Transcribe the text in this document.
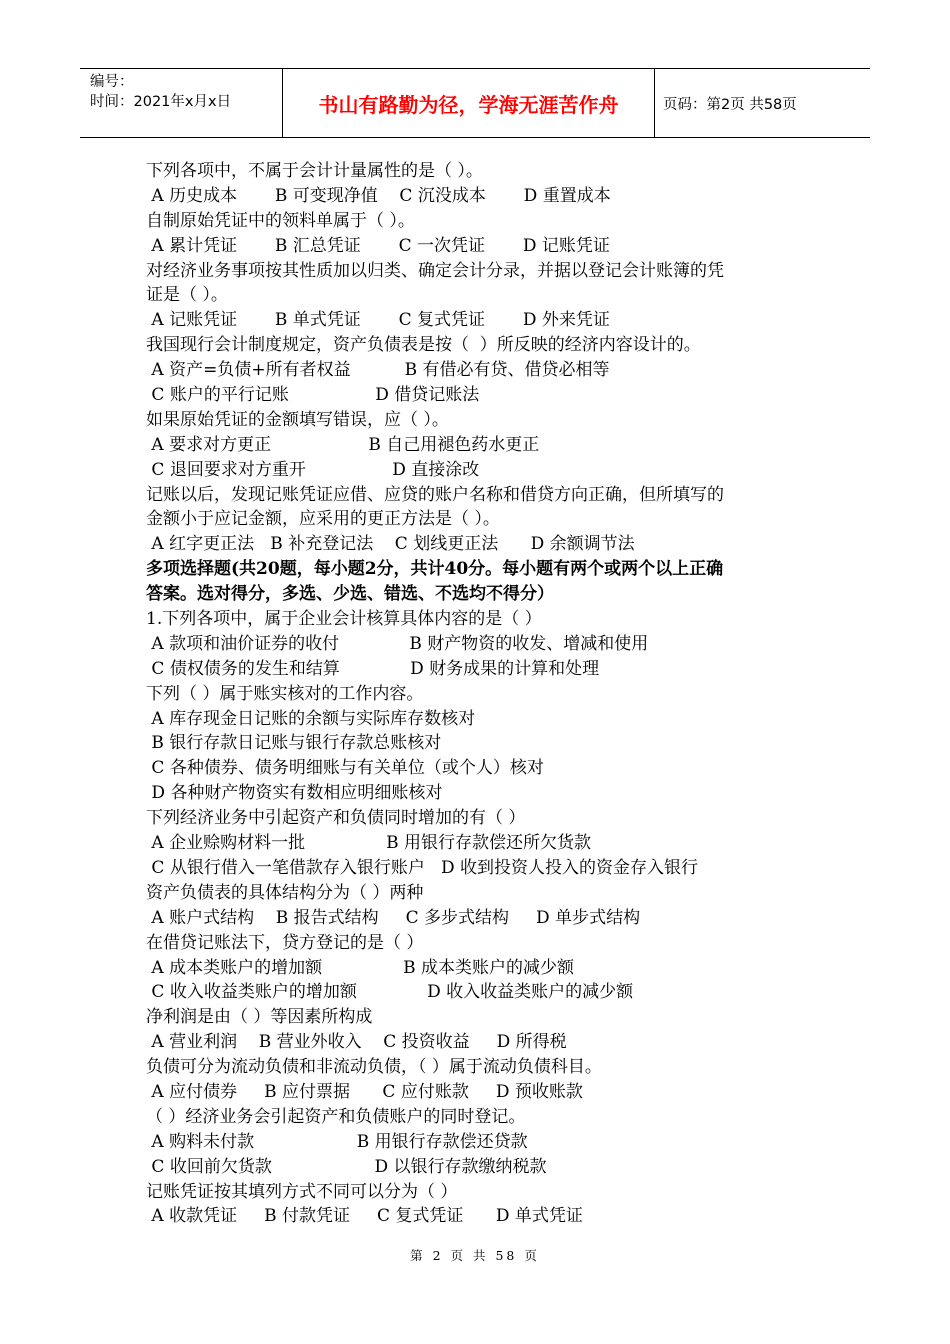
编号：
时间：2021年x月x日	书山有路勤为径，学海无涯苦作舟	页码：第2页 共58页
下列各项中，不属于会计计量属性的是（ ）。
A 历史成本       B 可变现净值    C 沉没成本       D 重置成本
自制原始凭证中的领料单属于（ ）。
A 累计凭证       B 汇总凭证       C 一次凭证       D 记账凭证
对经济业务事项按其性质加以归类、确定会计分录，并据以登记会计账簿的凭
证是（ ）。
A 记账凭证       B 单式凭证       C 复式凭证       D 外来凭证
我国现行会计制度规定，资产负债表是按（  ）所反映的经济内容设计的。
A 资产=负债+所有者权益          B 有借必有贷、借贷必相等
C 账户的平行记账                D 借贷记账法
如果原始凭证的金额填写错误，应（ ）。
A 要求对方更正                  B 自己用褪色药水更正
C 退回要求对方重开                D 直接涂改
记账以后，发现记账凭证应借、应贷的账户名称和借贷方向正确，但所填写的
金额小于应记金额，应采用的更正方法是（ ）。
A 红字更正法   B 补充登记法    C 划线更正法      D 余额调节法
多项选择题(共20题，每小题2分，共计40分。每小题有两个或两个以上正确
答案。选对得分，多选、少选、错选、不选均不得分）
1.下列各项中，属于企业会计核算具体内容的是（ ）
A 款项和油价证券的收付             B 财产物资的收发、增减和使用
C 债权债务的发生和结算             D 财务成果的计算和处理
下列（ ）属于账实核对的工作内容。
A 库存现金日记账的余额与实际库存数核对
B 银行存款日记账与银行存款总账核对
C 各种债券、债务明细账与有关单位（或个人）核对
D 各种财产物资实有数相应明细账核对
下列经济业务中引起资产和负债同时增加的有（ ）
A 企业赊购材料一批               B 用银行存款偿还所欠货款
C 从银行借入一笔借款存入银行账户   D 收到投资人投入的资金存入银行
资产负债表的具体结构分为（ ）两种
A 账户式结构    B 报告式结构     C 多步式结构     D 单步式结构
在借贷记账法下，贷方登记的是（ ）
A 成本类账户的增加额               B 成本类账户的减少额
C 收入收益类账户的增加额             D 收入收益类账户的减少额
净利润是由（ ）等因素所构成
A 营业利润    B 营业外收入    C 投资收益     D 所得税
负债可分为流动负债和非流动负债，（ ）属于流动负债科目。
A 应付债券     B 应付票据      C 应付账款     D 预收账款
（ ）经济业务会引起资产和负债账户的同时登记。
A 购料未付款                   B 用银行存款偿还贷款
C 收回前欠货款                   D 以银行存款缴纳税款
记账凭证按其填列方式不同可以分为（ ）
A 收款凭证     B 付款凭证     C 复式凭证      D 单式凭证
第 2 页 共 58 页
